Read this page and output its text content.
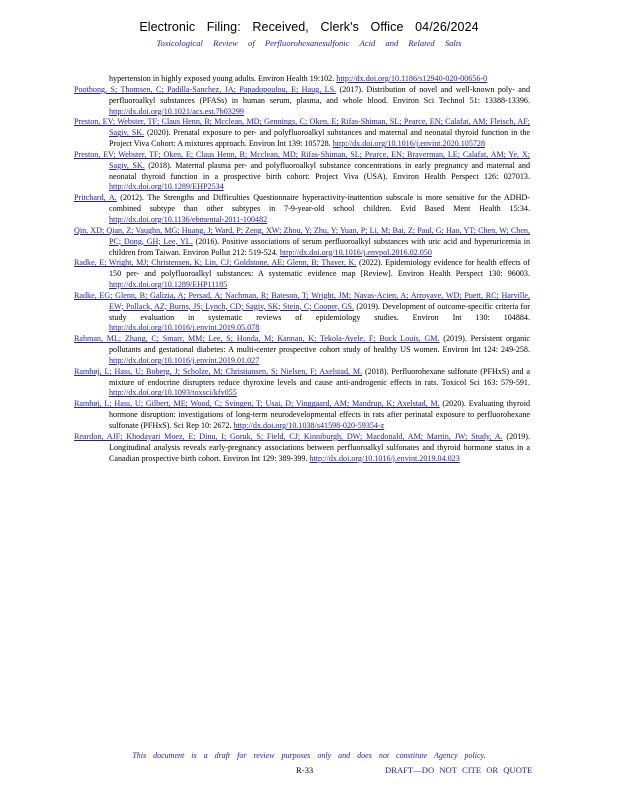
Electronic Filing: Received, Clerk's Office 04/26/2024
Toxicological Review of Perfluorohexanesulfonic Acid and Related Salts

hypertension in highly exposed young adults. Environ Health 19:102. http://dx.doi.org/10.1186/s12940-020-00656-0

Poothong, S; Thomsen, C; Padilla-Sanchez, JA; Papadopoulou, E; Haug, LS. (2017). Distribution of novel and well-known poly- and perfluoroalkyl substances (PFASs) in human serum, plasma, and whole blood. Environ Sci Technol 51: 13388-13396. http://dx.doi.org/10.1021/acs.est.7b03299

Preston, EV; Webster, TF; Claus Henn, B; Mcclean, MD; Gennings, C; Oken, E; Rifas-Shiman, SL; Pearce, EN; Calafat, AM; Fleisch, AF; Sagiv, SK. (2020). Prenatal exposure to per- and polyfluoroalkyl substances and maternal and neonatal thyroid function in the Project Viva Cohort: A mixtures approach. Environ Int 139: 105728. http://dx.doi.org/10.1016/j.envint.2020.105728

Preston, EV; Webster, TF; Oken, E; Claus Henn, B; Mcclean, MD; Rifas-Shiman, SL; Pearce, EN; Braverman, LE; Calafat, AM; Ye, X; Sagiv, SK. (2018). Maternal plasma per- and polyfluoroalkyl substance concentrations in early pregnancy and maternal and neonatal thyroid function in a prospective birth cohort: Project Viva (USA). Environ Health Perspect 126: 027013. http://dx.doi.org/10.1289/EHP2534

Pritchard, A. (2012). The Strengths and Difficulties Questionnaire hyperactivity-inattention subscale is more sensitive for the ADHD-combined subtype than other subtypes in 7-9-year-old school children. Evid Based Ment Health 15:34. http://dx.doi.org/10.1136/ebmental-2011-100482

Qin, XD; Qian, Z; Vaughn, MG; Huang, J; Ward, P; Zeng, XW; Zhou, Y; Zhu, Y; Yuan, P; Li, M; Bai, Z; Paul, G; Hao, YT; Chen, W; Chen, PC; Dong, GH; Lee, YL. (2016). Positive associations of serum perfluoroalkyl substances with uric acid and hyperuricemia in children from Taiwan. Environ Pollut 212: 519-524. http://dx.doi.org/10.1016/j.envpol.2016.02.050

Radke, E; Wright, MJ; Christensen, K; Lin, CJ; Goldstone, AE; Glenn, B; Thayer, K. (2022). Epidemiology evidence for health effects of 150 per- and polyfluoroalkyl substances: A systematic evidence map [Review]. Environ Health Perspect 130: 96003. http://dx.doi.org/10.1289/EHP11185

Radke, EG; Glenn, B; Galizia, A; Persad, A; Nachman, R; Bateson, T; Wright, JM; Navas-Acien, A; Arroyave, WD; Puett, RC; Harville, EW; Pollack, AZ; Burns, JS; Lynch, CD; Sagiv, SK; Stein, C; Cooper, GS. (2019). Development of outcome-specific criteria for study evaluation in systematic reviews of epidemiology studies. Environ Int 130: 104884. http://dx.doi.org/10.1016/j.envint.2019.05.078

Rahman, ML; Zhang, C; Smarr, MM; Lee, S; Honda, M; Kannan, K; Tekola-Ayele, F; Buck Louis, GM. (2019). Persistent organic pollutants and gestational diabetes: A multi-center prospective cohort study of healthy US women. Environ Int 124: 249-258. http://dx.doi.org/10.1016/j.envint.2019.01.027

Ramhøj, L; Hass, U; Boberg, J; Scholze, M; Christiansen, S; Nielsen, F; Axelstad, M. (2018). Perfluorohexane sulfonate (PFHxS) and a mixture of endocrine disrupters reduce thyroxine levels and cause anti-androgenic effects in rats. Toxicol Sci 163: 579-591. http://dx.doi.org/10.1093/toxsci/kfy055

Ramhøj, L; Hass, U; Gilbert, ME; Wood, C; Svingen, T; Usai, D; Vinggaard, AM; Mandrup, K; Axelstad, M. (2020). Evaluating thyroid hormone disruption: investigations of long-term neurodevelopmental effects in rats after perinatal exposure to perfluorohexane sulfonate (PFHxS). Sci Rep 10: 2672. http://dx.doi.org/10.1038/s41598-020-59354-z

Reardon, AJF; Khodayari Moez, E; Dinu, I; Goruk, S; Field, CJ; Kinniburgh, DW; Macdonald, AM; Martin, JW; Study, A. (2019). Longitudinal analysis reveals early-pregnancy associations between perfluoroalkyl sulfonates and thyroid hormone status in a Canadian prospective birth cohort. Environ Int 129: 389-399. http://dx.doi.org/10.1016/j.envint.2019.04.023

This document is a draft for review purposes only and does not constitute Agency policy.
R-33	DRAFT—DO NOT CITE OR QUOTE
